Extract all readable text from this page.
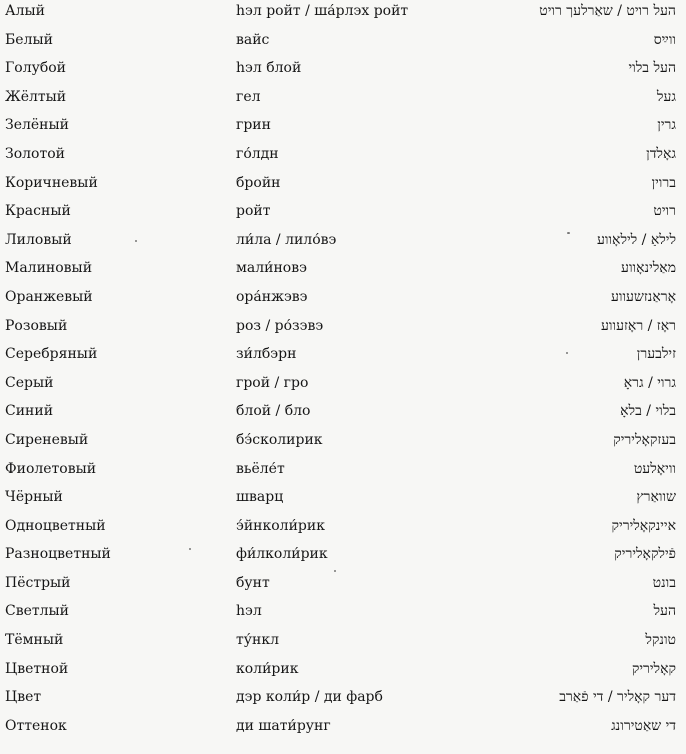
Алый	hэл ройт / ша́рлэх ройт	העל רויט / שאַרלעך רויט
Белый	вайс	ווײַס
Голубой	hэл блой	העל בלוי
Жёлтый	гел	געל
Зелёный	грин	גרין
Золотой	го́лдн	גאָלדן
Коричневый	бройн	ברוין
Красный	ройт	רויט
Лиловый	ли́ла / лило́вэ	לילאַ / לילאָווע
Малиновый	мали́новэ	מאַלינאָווע
Оранжевый	ора́нжэвэ	אָראַנזשעווע
Розовый	роз / ро́зэвэ	ראָז / ראָזעווע
Серебряный	зи́лбэрн	זילבערן
Серый	грой / гро	גרוי / גראָ
Синий	блой / бло	בלוי / בלאָ
Сиреневый	бэ́сколирик	בעזקאָליריק
Фиолетовый	вьёле́т	וויאָלעט
Чёрный	шварц	שוואַרץ
Одноцветный	э́йнколи́рик	איינקאָליריק
Разноцветный	фи́лколи́рик	פֿילקאָליריק
Пёстрый	бунт	בונט
Светлый	hэл	העל
Тёмный	ту́нкл	טונקל
Цветной	коли́рик	קאָליריק
Цвет	дэр коли́р / ди фарб	דער קאָליר / די פֿאַרב
Оттенок	ди шати́рунг	די שאַטירונג
